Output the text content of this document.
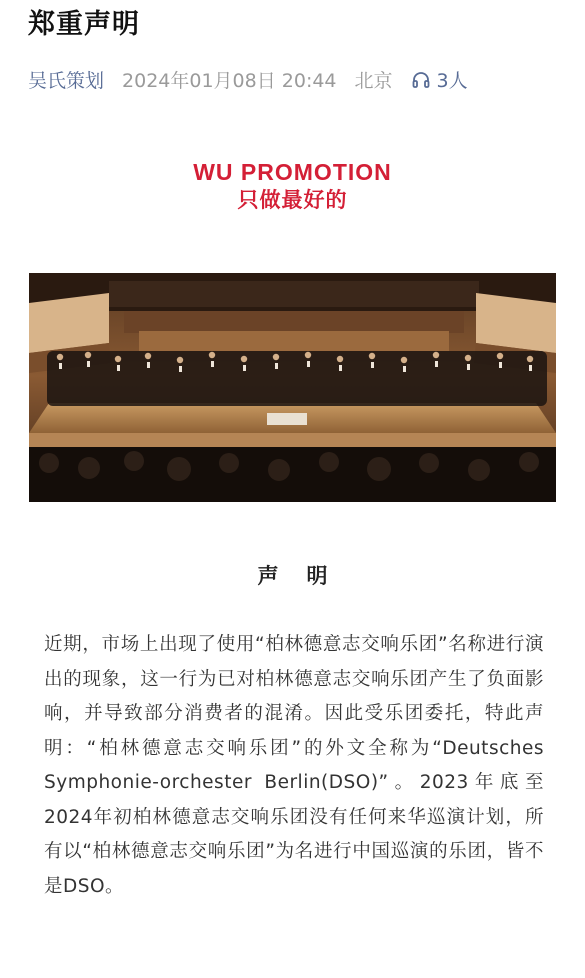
郑重声明
吴氏策划 2024年01月08日 20:44 北京 3人
WU PROMOTION
只做最好的
声明

近期，市场上出现了使用“柏林德意志交响乐团”名称进行演出的现象，这一行为已对柏林德意志交响乐团产生了负面影响，并导致部分消费者的混淆。因此受乐团委托，特此声明：“柏林德意志交响乐团”的外文全称为“Deutsches Symphonie-orchester Berlin(DSO)”。2023年底至2024年初柏林德意志交响乐团没有任何来华巡演计划，所有以“柏林德意志交响乐团”为名进行中国巡演的乐团，皆不是DSO。
